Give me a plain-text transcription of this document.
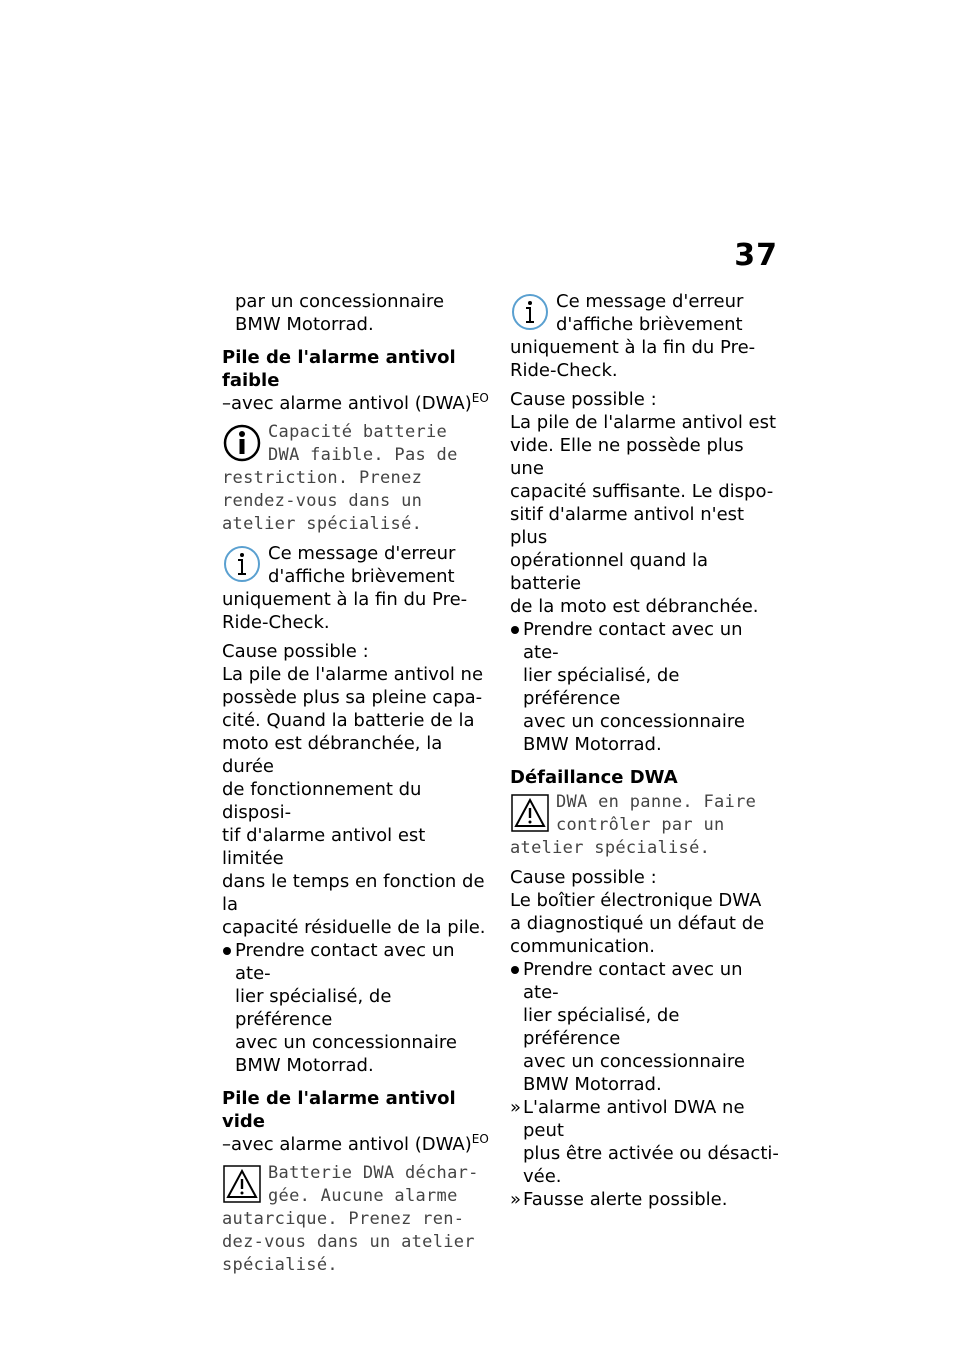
37

par un concessionnaire

BMW Motorrad.

Pile de l'alarme antivol faible
–avec alarme antivol (DWA)$^{EO}$
Capacité batterie
DWA faible. Pas de
restriction. Prenez
rendez-vous dans un
atelier spécialisé.

Ce message d'erreur

d'affiche brièvement

uniquement à la fin du Pre-

Ride-Check.

Cause possible :

La pile de l'alarme antivol ne

possède plus sa pleine capa-

cité. Quand la batterie de la

moto est débranchée, la durée

de fonctionnement du disposi-

tif d'alarme antivol est limitée

dans le temps en fonction de la

capacité résiduelle de la pile.

Prendre contact avec un ate-

lier spécialisé, de préférence

avec un concessionnaire

BMW Motorrad.

Pile de l'alarme antivol vide
–avec alarme antivol (DWA)$^{EO}$
Batterie DWA déchar-
gée. Aucune alarme
autarcique. Prenez ren-
dez-vous dans un atelier
spécialisé.

Ce message d'erreur

d'affiche brièvement

uniquement à la fin du Pre-

Ride-Check.

Cause possible :

La pile de l'alarme antivol est

vide. Elle ne possède plus une

capacité suffisante. Le dispo-

sitif d'alarme antivol n'est plus

opérationnel quand la batterie

de la moto est débranchée.

Prendre contact avec un ate-

lier spécialisé, de préférence

avec un concessionnaire

BMW Motorrad.

Défaillance DWA
DWA en panne. Faire
contrôler par un
atelier spécialisé.

Cause possible :

Le boîtier électronique DWA

a diagnostiqué un défaut de

communication.

Prendre contact avec un ate-

lier spécialisé, de préférence

avec un concessionnaire

BMW Motorrad.

» L'alarme antivol DWA ne peut

plus être activée ou désacti-

vée.

» Fausse alerte possible.
